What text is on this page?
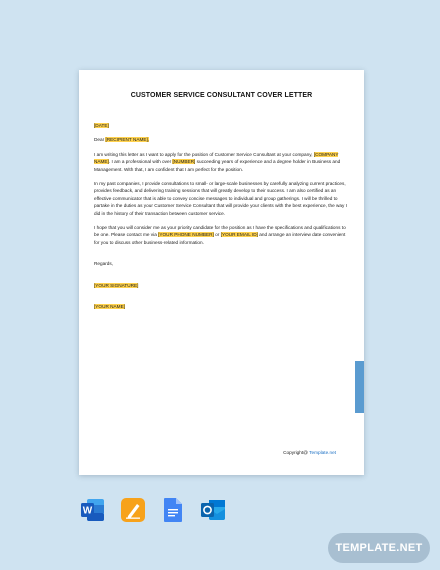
CUSTOMER SERVICE CONSULTANT COVER LETTER

[DATE]

Dear [RECIPIENT NAME],

I am writing this letter as I want to apply for the position of Customer Service Consultant at your company, [COMPANY NAME]. I am a professional with over [NUMBER] succeeding years of experience and a degree holder in Business and Management. With that, I am confident that I am perfect for the position.

In my past companies, I provide consultations to small- or large-scale businesses by carefully analyzing current practices, provides feedback, and delivering training sessions that will greatly develop to their success. I am also certified as an effective communicator that is able to convey concise messages to individual and group gatherings. I will be thrilled to partake in the duties as your Customer Service Consultant that will provide your clients with the best experience, the way I did in the history of their transaction between customer service.

I hope that you will consider me as your priority candidate for the position as I have the specifications and qualifications to be one. Please contact me via [YOUR PHONE NUMBER] or [YOUR EMAIL ID] and arrange an interview date convenient for you to discuss other business-related information.

Regards,

[YOUR SIGNATURE]

[YOUR NAME]

Copyright@ Template.net
W
TEMPLATE.NET
